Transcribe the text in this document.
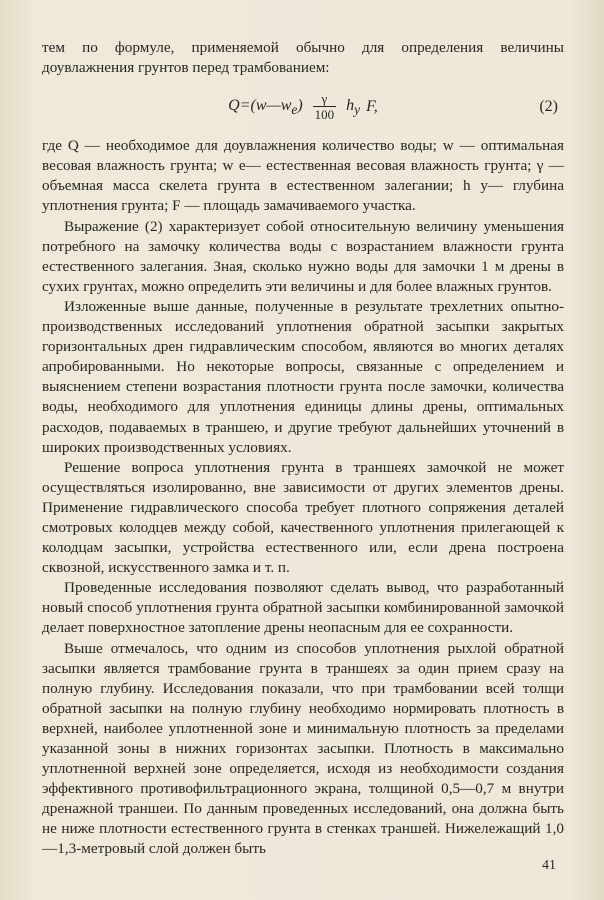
тем по формуле, применяемой обычно для определения величины доувлажнения грунтов перед трамбованием:

$Q=(w—w_e) \frac{\gamma}{100} h_y$ F,	(2)

где Q — необходимое для доувлажнения количество воды; w — оптимальная весовая влажность грунта; w e— естественная весовая влажность грунта; γ — объемная масса скелета грунта в естественном залегании; h y— глубина уплотнения грунта; F — площадь замачиваемого участка.

Выражение (2) характеризует собой относительную величину уменьшения потребного на замочку количества воды с возрастанием влажности грунта естественного залегания. Зная, сколько нужно воды для замочки 1 м дрены в сухих грунтах, можно определить эти величины и для более влажных грунтов.

Изложенные выше данные, полученные в результате трехлетних опытно-производственных исследований уплотнения обратной засыпки закрытых горизонтальных дрен гидравлическим способом, являются во многих деталях апробированными. Но некоторые вопросы, связанные с определением и выяснением степени возрастания плотности грунта после замочки, количества воды, необходимого для уплотнения единицы длины дрены, оптимальных расходов, подаваемых в траншею, и другие требуют дальнейших уточнений в широких производственных условиях.

Решение вопроса уплотнения грунта в траншеях замочкой не может осуществляться изолированно, вне зависимости от других элементов дрены. Применение гидравлического способа требует плотного сопряжения деталей смотровых колодцев между собой, качественного уплотнения прилегающей к колодцам засыпки, устройства естественного или, если дрена построена сквозной, искусственного замка и т. п.

Проведенные исследования позволяют сделать вывод, что разработанный новый способ уплотнения грунта обратной засыпки комбинированной замочкой делает поверхностное затопление дрены неопасным для ее сохранности.

Выше отмечалось, что одним из способов уплотнения рыхлой обратной засыпки является трамбование грунта в траншеях за один прием сразу на полную глубину. Исследования показали, что при трамбовании всей толщи обратной засыпки на полную глубину необходимо нормировать плотность в верхней, наиболее уплотненной зоне и минимальную плотность за пределами указанной зоны в нижних горизонтах засыпки. Плотность в максимально уплотненной верхней зоне определяется, исходя из необходимости создания эффективного противофильтрационного экрана, толщиной 0,5—0,7 м внутри дренажной траншеи. По данным проведенных исследований, она должна быть не ниже плотности естественного грунта в стенках траншей. Нижележащий 1,0—1,3-метровый слой должен быть

41
